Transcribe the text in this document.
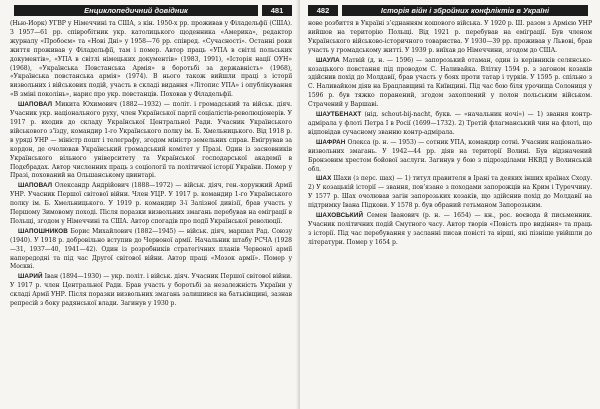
Енциклопедичний довідник	481

(Нью-Йорк) УГВР у Німеччині та США, з кін. 1950-х рр. проживав у Філадельфії (США). З 1957—61 рр. співробітник укр. католицького щоденника «Америка», редактор журналу «Пробоєм» та «Нові Дні» у 1958—76 рр. співред. «Сучасності». Останні роки життя проживав у Філадельфії, там і помер. Автор праць «УПА в світлі польських документів», «УПА в світлі німецьких документів» (1983, 1991), «Історія нації ОУН» (1968), «Українська Повстанська Армія» в боротьбі за державність» (1968), «Українська повстанська армія» (1974). В нього також вийшли праці з історії визвольних і військових подій, участь в складі видання «Літопис УПА» і опублікування «В зміні поколінь», нарис про укр. повстанців. Поховав у Філадельфії.

ШАПОВАЛ Микита Юхимович (1882—1932) — політ. і громадський та військ. діяч. Учасник укр. національного руху, член Української партії соціалістів-революціонерів. У 1917 р. входив до складу Української Центральної Ради. Учасник Українського військового з’їзду, командир 1-го Українського полку ім. Б. Хмельницького. Від 1918 р. в уряді УНР — міністр пошт і телеграфу, згодом міністр земельних справ. Емігрував за кордон, де очолював Український громадський комітет у Празі. Один із засновників Українського вільного університету та Української господарської академії в Подєбрадах. Автор численних праць з соціології та політичної історії України. Помер у Празі, похований на Ольшанському цвинтарі.

ШАПОВАЛ Олександр Андрійович (1888—1972) — військ. діяч, ген.-хорунжий Армії УНР. Учасник Першої світової війни. Член УЦР. У 1917 р. командир 1-го Українського полку ім. Б. Хмельницького. У 1919 р. командир 3-ї Залізної дивізії, брав участь у Першому Зимовому поході. Після поразки визвольних змагань перебував на еміграції в Польщі, згодом у Німеччині та США. Автор спогадів про події Української революції.

ШАПОШНИКОВ Борис Михайлович (1882—1945) — військ. діяч, маршал Рад. Союзу (1940). У 1918 р. добровільно вступив до Червоної армії. Начальник штабу РСЧА (1928—31, 1937—40, 1941—42). Один із розробників стратегічних планів Червоної армії напередодні та під час Другої світової війни. Автор праці «Мозок армії». Помер у Москві.

ШАРИЙ Іван (1894—1930) — укр. політ. і військ. діяч. Учасник Першої світової війни. У 1917 р. член Центральної Ради. Брав участь у боротьбі за незалежність України у складі Армії УНР. Після поразки визвольних змагань залишився на батьківщині, зазнав репресій з боку радянської влади. Загинув у 1930 р.

482	Історія війн і збройних конфліктів в Україні

нове розбиття в Україні з’єднанням кошового війська. У 1920 р. Ш. разом з Армією УНР вийшов на територію Польщі. Від 1921 р. перебував на еміграції. Був членом Українського військово-історичного товариства. У 1930—39 рр. проживав у Львові, брав участь у громадському житті. У 1939 р. виїхав до Німеччини, згодом до США.

ШАУЛА Матвій (д. н. — 1596) — запорозький отаман, один із керівників селянсько-козацького повстання під проводом С. Наливайка. Влітку 1594 р. з загоном козаків здійснив похід до Молдавії, брав участь у боях проти татар і турків. У 1595 р. спільно з С. Наливайком діяв на Брацлавщині та Київщині. Під час бою біля урочища Солониця у 1596 р. був тяжко поранений, згодом захоплений у полон польським військом. Страчений у Варшаві.

ШАУТБЕНАХТ (нід. schout-bij-nacht, букв. — «начальник ночі») — 1) звання контр-адмірала у флоті Петра I в Росії (1699—1732). 2) Третій флагманський чин на флоті, що відповідав сучасному званню контр-адмірала.

ШАФРАН Олекса (р. н. — 1953) — сотник УПА, командир сотні. Учасник національно-визвольних змагань. У 1942—44 рр. діяв на території Волині. Був відзначений Бронзовим хрестом бойової заслуги. Загинув у бою з підрозділами НКВД у Волинській обл.

ШАХ Шахи (з перс. шах) — 1) титул правителя в Ірані та деяких інших країнах Сходу. 2) У козацькій історії — звання, пов’язане з походами запорожців на Крим і Туреччину. У 1577 р. Шах очолював загін запорозьких козаків, що здійснив похід до Молдавії на підтримку Івана Підкови. У 1578 р. був обраний гетьманом Запорозьким.

ШАХОВСЬКИЙ Семен Іванович (р. н. — 1654) — кн., рос. воєвода й письменник. Учасник політичних подій Смутного часу. Автор творів «Повість про видіння» та праць з історії. Під час перебування у засланні писав повісті та вірші, які пізніше увійшли до літератури. Помер у 1654 р.
